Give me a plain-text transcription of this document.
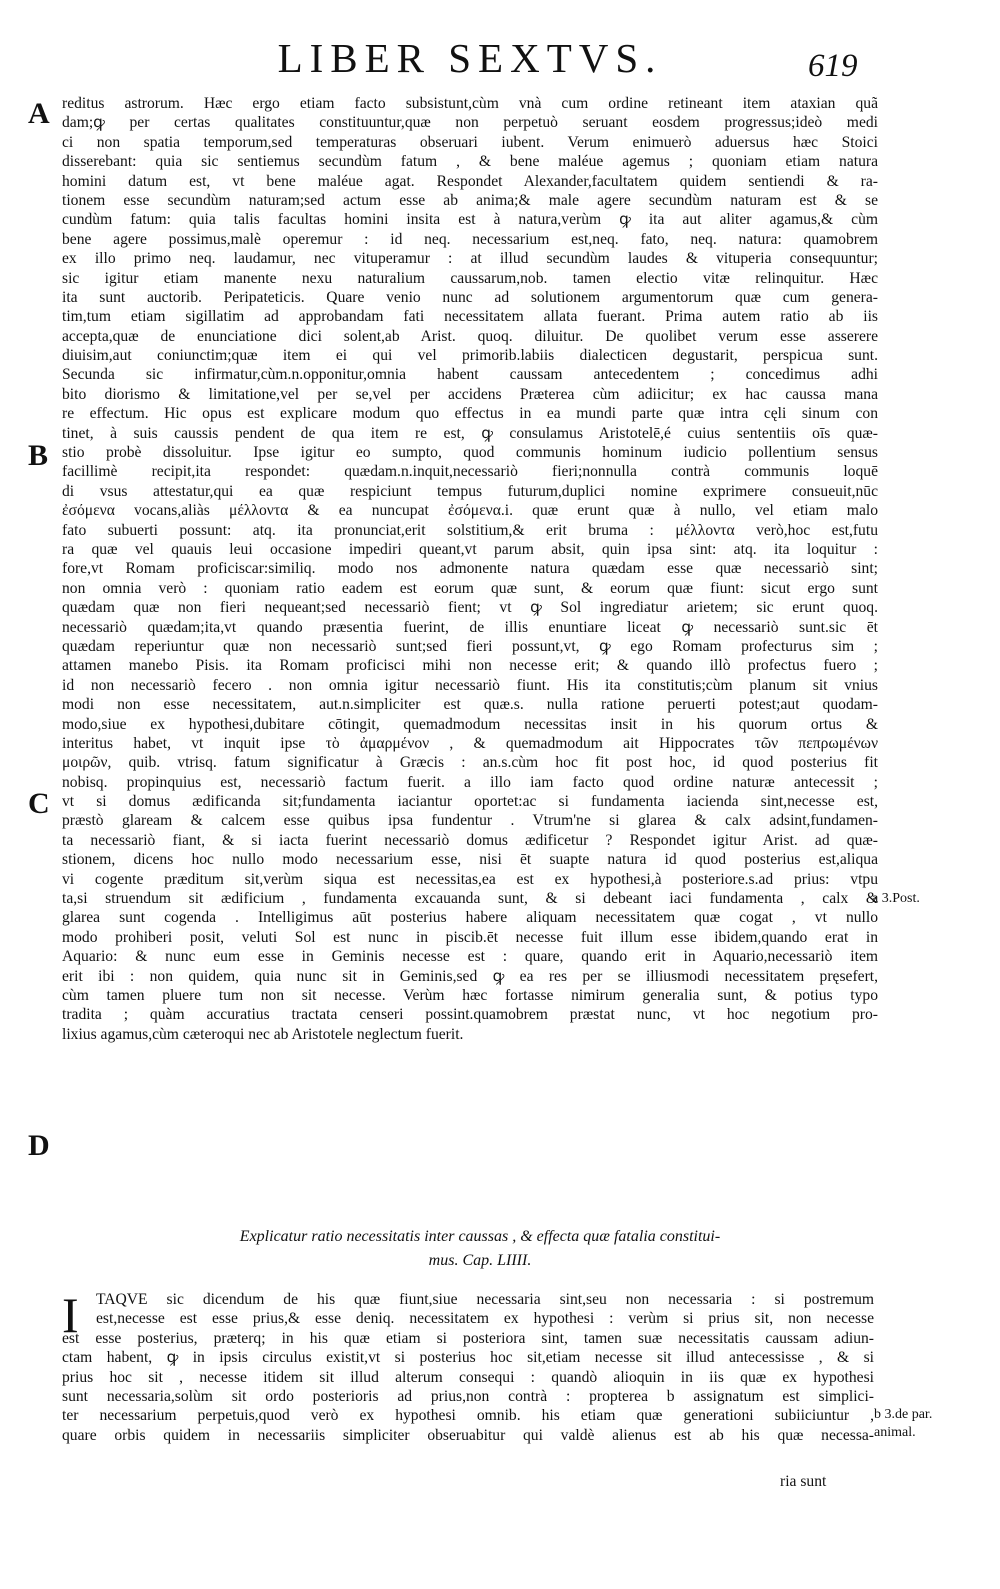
LIBER SEXTVS.	619
A
B
C
D
a 3.Post.
b 3.de par.
animal.
reditus astrorum. Hæc ergo etiam facto subsistunt,cùm vnà cum ordine retineant item ataxian quã
dam;ꝙ per certas qualitates constituuntur,quæ non perpetuò seruant eosdem progressus;ideò medi
ci non spatia temporum,sed temperaturas obseruari iubent. Verum enimuerò aduersus hæc Stoici
disserebant: quia sic sentiemus secundùm fatum , & bene maléue agemus ; quoniam etiam natura
homini datum est, vt bene maléue agat. Respondet Alexander,facultatem quidem sentiendi & ra-
tionem esse secundùm naturam;sed actum esse ab anima;& male agere secundùm naturam est & se
cundùm fatum: quia talis facultas homini insita est à natura,verùm ꝙ ita aut aliter agamus,& cùm
bene agere possimus,malè operemur : id neq. necessarium est,neq. fato, neq. natura: quamobrem
ex illo primo neq. laudamur, nec vituperamur : at illud secundùm laudes & vituperia consequuntur;
sic igitur etiam manente nexu naturalium caussarum,nob. tamen electio vitæ relinquitur. Hæc
ita sunt auctorib. Peripateticis. Quare venio nunc ad solutionem argumentorum quæ cum genera-
tim,tum etiam sigillatim ad approbandam fati necessitatem allata fuerant. Prima autem ratio ab iis
accepta,quæ de enunciatione dici solent,ab Arist. quoq. diluitur. De quolibet verum esse asserere
diuisim,aut coniunctim;quæ item ei qui vel primorib.labiis dialecticen degustarit, perspicua sunt.
Secunda sic infirmatur,cùm.n.opponitur,omnia habent caussam antecedentem ; concedimus adhi
bito diorismo & limitatione,vel per se,vel per accidens Præterea cùm adiicitur; ex hac caussa mana
re effectum. Hic opus est explicare modum quo effectus in ea mundi parte quæ intra cęli sinum con
tinet, à suis caussis pendent de qua item re est, ꝙ consulamus Aristotelē,é cuius sententiis oīs quæ-
stio probè dissoluitur. Ipse igitur eo sumpto, quod communis hominum iudicio pollentium sensus
facillimè recipit,ita respondet: quædam.n.inquit,necessariò fieri;nonnulla contrà communis loquē
di vsus attestatur,qui ea quæ respiciunt tempus futurum,duplici nomine exprimere consueuit,nūc
ἐσόμενα vocans,aliàs μέλλοντα & ea nuncupat ἐσόμενα.i. quæ erunt quæ à nullo, vel etiam malo
fato subuerti possunt: atq. ita pronunciat,erit solstitium,& erit bruma : μέλλοντα verò,hoc est,futu
ra quæ vel quauis leui occasione impediri queant,vt parum absit, quin ipsa sint: atq. ita loquitur :
fore,vt Romam proficiscar:similiq. modo nos admonente natura quædam esse quæ necessariò sint;
non omnia verò : quoniam ratio eadem est eorum quæ sunt, & eorum quæ fiunt: sicut ergo sunt
quædam quæ non fieri nequeant;sed necessariò fient; vt ꝙ Sol ingrediatur arietem; sic erunt quoq.
necessariò quædam;ita,vt quando præsentia fuerint, de illis enuntiare liceat ꝙ necessariò sunt.sic ēt
quædam reperiuntur quæ non necessariò sunt;sed fieri possunt,vt, ꝙ ego Romam profecturus sim ;
attamen manebo Pisis. ita Romam proficisci mihi non necesse erit; & quando illò profectus fuero ;
id non necessariò fecero . non omnia igitur necessariò fiunt. His ita constitutis;cùm planum sit vnius
modi non esse necessitatem, aut.n.simpliciter est quæ.s. nulla ratione peruerti potest;aut quodam-
modo,siue ex hypothesi,dubitare cōtingit, quemadmodum necessitas insit in his quorum ortus &
interitus habet, vt inquit ipse τὸ ἀμαρμένον , & quemadmodum ait Hippocrates τῶν πεπρωμένων
μοιρῶν, quib. vtrisq. fatum significatur à Græcis : an.s.cùm hoc fit post hoc, id quod posterius fit
nobisq. propinquius est, necessariò factum fuerit. a illo iam facto quod ordine naturæ antecessit ;
vt si domus ædificanda sit;fundamenta iaciantur oportet:ac si fundamenta iacienda sint,necesse est,
præstò glaream & calcem esse quibus ipsa fundentur . Vtrum'ne si glarea & calx adsint,fundamen-
ta necessariò fiant, & si iacta fuerint necessariò domus ædificetur ? Respondet igitur Arist. ad quæ-
stionem, dicens hoc nullo modo necessarium esse, nisi ēt suapte natura id quod posterius est,aliqua
vi cogente præditum sit,verùm siqua est necessitas,ea est ex hypothesi,à posteriore.s.ad prius: vtpu
ta,si struendum sit ædificium , fundamenta excauanda sunt, & si debeant iaci fundamenta , calx &
glarea sunt cogenda . Intelligimus aūt posterius habere aliquam necessitatem quæ cogat , vt nullo
modo prohiberi posit, veluti Sol est nunc in piscib.ēt necesse fuit illum esse ibidem,quando erat in
Aquario: & nunc eum esse in Geminis necesse est : quare, quando erit in Aquario,necessariò item
erit ibi : non quidem, quia nunc sit in Geminis,sed ꝙ ea res per se illiusmodi necessitatem pręsefert,
cùm tamen pluere tum non sit necesse. Verùm hæc fortasse nimirum generalia sunt, & potius typo
tradita ; quàm accuratius tractata censeri possint.quamobrem præstat nunc, vt hoc negotium pro-
lixius agamus,cùm cæteroqui nec ab Aristotele neglectum fuerit.
Explicatur ratio necessitatis inter caussas , & effecta quæ fatalia constitui-
mus. Cap. LIIII.
I	TAQVE sic dicendum de his quæ fiunt,siue necessaria sint,seu non necessaria : si postremum
est,necesse est esse prius,& esse deniq. necessitatem ex hypothesi : verùm si prius sit, non necesse
est esse posterius, præterq; in his quæ etiam si posteriora sint, tamen suæ necessitatis caussam adiun-
ctam habent, ꝙ in ipsis circulus existit,vt si posterius hoc sit,etiam necesse sit illud antecessisse , & si
prius hoc sit , necesse itidem sit illud alterum consequi : quandò alioquin in iis quæ ex hypothesi
sunt necessaria,solùm sit ordo posterioris ad prius,non contrà : propterea b assignatum est simplici-
ter necessarium perpetuis,quod verò ex hypothesi omnib. his etiam quæ generationi subiiciuntur ,
quare orbis quidem in necessariis simpliciter obseruabitur qui valdè alienus est ab his quæ necessa-
ria sunt
